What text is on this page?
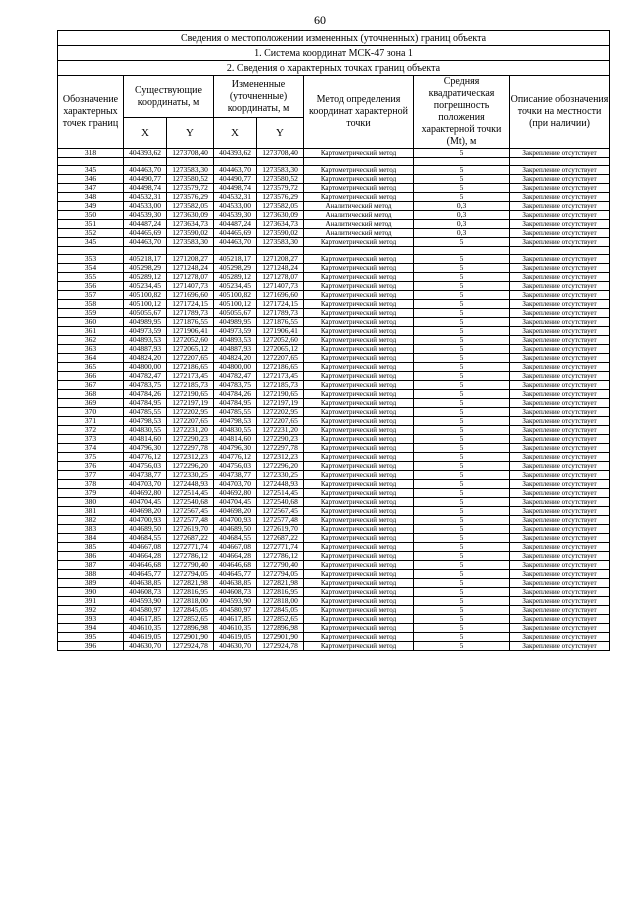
60
Сведения о местоположении измененных (уточненных) границ объекта							
1. Система координат МСК-47 зона 1							
2. Сведения о характерных точках границ объекта							
Обозначение характерных точек границ	Существующие координаты, м		Измененные (уточненные) координаты, м		Метод определения координат характерной точки	Средняя квадратическая погрешность положения характерной точки (Mt), м	Описание обозначения точки на местности (при наличии)
	X	Y	X	Y			
318	404393,62	1273708,40	404393,62	1273708,40	Картометрический метод	5	Закрепление отсутствует

345	404463,70	1273583,30	404463,70	1273583,30	Картометрический метод	5	Закрепление отсутствует
346	404490,77	1273580,52	404490,77	1273580,52	Картометрический метод	5	Закрепление отсутствует
347	404498,74	1273579,72	404498,74	1273579,72	Картометрический метод	5	Закрепление отсутствует
348	404532,31	1273576,29	404532,31	1273576,29	Картометрический метод	5	Закрепление отсутствует
349	404533,00	1273582,05	404533,00	1273582,05	Аналитический метод	0,3	Закрепление отсутствует
350	404539,30	1273630,09	404539,30	1273630,09	Аналитический метод	0,3	Закрепление отсутствует
351	404487,24	1273634,73	404487,24	1273634,73	Аналитический метод	0,3	Закрепление отсутствует
352	404465,69	1273590,02	404465,69	1273590,02	Аналитический метод	0,3	Закрепление отсутствует
345	404463,70	1273583,30	404463,70	1273583,30	Картометрический метод	5	Закрепление отсутствует

353	405218,17	1271208,27	405218,17	1271208,27	Картометрический метод	5	Закрепление отсутствует
354	405298,29	1271248,24	405298,29	1271248,24	Картометрический метод	5	Закрепление отсутствует
355	405289,12	1271278,07	405289,12	1271278,07	Картометрический метод	5	Закрепление отсутствует
356	405234,45	1271407,73	405234,45	1271407,73	Картометрический метод	5	Закрепление отсутствует
357	405100,82	1271696,60	405100,82	1271696,60	Картометрический метод	5	Закрепление отсутствует
358	405100,12	1271724,15	405100,12	1271724,15	Картометрический метод	5	Закрепление отсутствует
359	405055,67	1271789,73	405055,67	1271789,73	Картометрический метод	5	Закрепление отсутствует
360	404989,95	1271876,55	404989,95	1271876,55	Картометрический метод	5	Закрепление отсутствует
361	404973,59	1271906,41	404973,59	1271906,41	Картометрический метод	5	Закрепление отсутствует
362	404893,53	1272052,60	404893,53	1272052,60	Картометрический метод	5	Закрепление отсутствует
363	404887,93	1272065,12	404887,93	1272065,12	Картометрический метод	5	Закрепление отсутствует
364	404824,20	1272207,65	404824,20	1272207,65	Картометрический метод	5	Закрепление отсутствует
365	404800,00	1272186,65	404800,00	1272186,65	Картометрический метод	5	Закрепление отсутствует
366	404782,47	1272173,45	404782,47	1272173,45	Картометрический метод	5	Закрепление отсутствует
367	404783,75	1272185,73	404783,75	1272185,73	Картометрический метод	5	Закрепление отсутствует
368	404784,26	1272190,65	404784,26	1272190,65	Картометрический метод	5	Закрепление отсутствует
369	404784,95	1272197,19	404784,95	1272197,19	Картометрический метод	5	Закрепление отсутствует
370	404785,55	1272202,95	404785,55	1272202,95	Картометрический метод	5	Закрепление отсутствует
371	404798,53	1272207,65	404798,53	1272207,65	Картометрический метод	5	Закрепление отсутствует
372	404830,55	1272231,20	404830,55	1272231,20	Картометрический метод	5	Закрепление отсутствует
373	404814,60	1272290,23	404814,60	1272290,23	Картометрический метод	5	Закрепление отсутствует
374	404796,30	1272297,78	404796,30	1272297,78	Картометрический метод	5	Закрепление отсутствует
375	404776,12	1272312,23	404776,12	1272312,23	Картометрический метод	5	Закрепление отсутствует
376	404756,03	1272296,20	404756,03	1272296,20	Картометрический метод	5	Закрепление отсутствует
377	404738,77	1272330,25	404738,77	1272330,25	Картометрический метод	5	Закрепление отсутствует
378	404703,70	1272448,93	404703,70	1272448,93	Картометрический метод	5	Закрепление отсутствует
379	404692,80	1272514,45	404692,80	1272514,45	Картометрический метод	5	Закрепление отсутствует
380	404704,45	1272540,68	404704,45	1272540,68	Картометрический метод	5	Закрепление отсутствует
381	404698,20	1272567,45	404698,20	1272567,45	Картометрический метод	5	Закрепление отсутствует
382	404700,93	1272577,48	404700,93	1272577,48	Картометрический метод	5	Закрепление отсутствует
383	404689,50	1272619,70	404689,50	1272619,70	Картометрический метод	5	Закрепление отсутствует
384	404684,55	1272687,22	404684,55	1272687,22	Картометрический метод	5	Закрепление отсутствует
385	404667,08	1272771,74	404667,08	1272771,74	Картометрический метод	5	Закрепление отсутствует
386	404664,28	1272786,12	404664,28	1272786,12	Картометрический метод	5	Закрепление отсутствует
387	404646,68	1272790,40	404646,68	1272790,40	Картометрический метод	5	Закрепление отсутствует
388	404645,77	1272794,05	404645,77	1272794,05	Картометрический метод	5	Закрепление отсутствует
389	404638,85	1272821,98	404638,85	1272821,98	Картометрический метод	5	Закрепление отсутствует
390	404608,73	1272816,95	404608,73	1272816,95	Картометрический метод	5	Закрепление отсутствует
391	404593,90	1272818,00	404593,90	1272818,00	Картометрический метод	5	Закрепление отсутствует
392	404580,97	1272845,05	404580,97	1272845,05	Картометрический метод	5	Закрепление отсутствует
393	404617,85	1272852,65	404617,85	1272852,65	Картометрический метод	5	Закрепление отсутствует
394	404610,35	1272896,98	404610,35	1272896,98	Картометрический метод	5	Закрепление отсутствует
395	404619,05	1272901,90	404619,05	1272901,90	Картометрический метод	5	Закрепление отсутствует
396	404630,70	1272924,78	404630,70	1272924,78	Картометрический метод	5	Закрепление отсутствует
